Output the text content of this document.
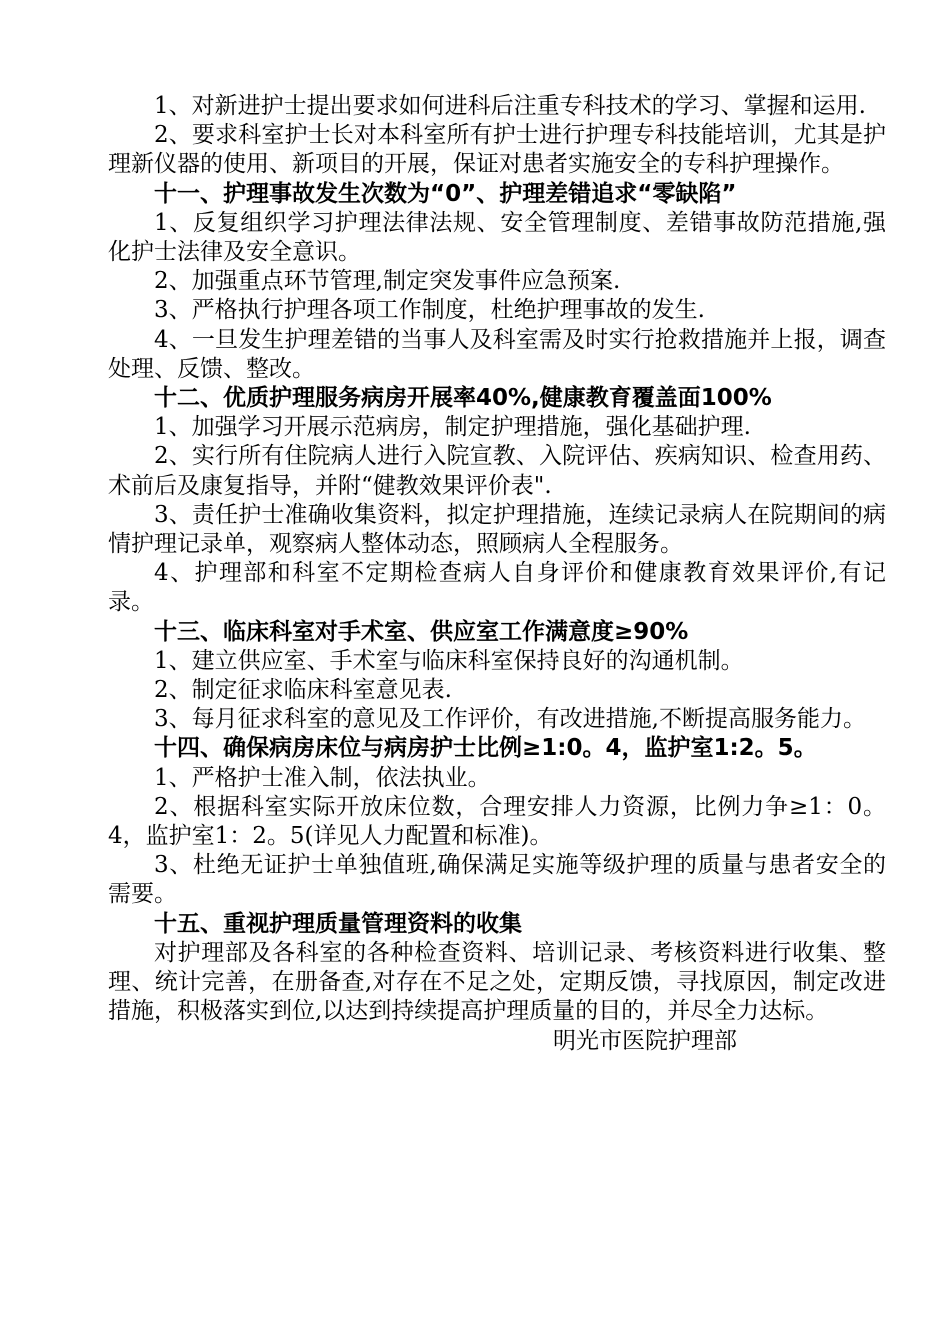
1、对新进护士提出要求如何进科后注重专科技术的学习、掌握和运用.

2、要求科室护士长对本科室所有护士进行护理专科技能培训，尤其是护理新仪器的使用、新项目的开展，保证对患者实施安全的专科护理操作。

十一、护理事故发生次数为“0”、护理差错追求“零缺陷”

1、反复组织学习护理法律法规、安全管理制度、差错事故防范措施,强化护士法律及安全意识。

2、加强重点环节管理,制定突发事件应急预案.

3、严格执行护理各项工作制度，杜绝护理事故的发生.

4、一旦发生护理差错的当事人及科室需及时实行抢救措施并上报，调查处理、反馈、整改。

十二、优质护理服务病房开展率40%,健康教育覆盖面100%

1、加强学习开展示范病房，制定护理措施，强化基础护理.

2、实行所有住院病人进行入院宣教、入院评估、疾病知识、检查用药、术前后及康复指导，并附“健教效果评价表".

3、责任护士准确收集资料，拟定护理措施，连续记录病人在院期间的病情护理记录单，观察病人整体动态，照顾病人全程服务。

4、护理部和科室不定期检查病人自身评价和健康教育效果评价,有记录。

十三、临床科室对手术室、供应室工作满意度≥90%

1、建立供应室、手术室与临床科室保持良好的沟通机制。

2、制定征求临床科室意见表.

3、每月征求科室的意见及工作评价，有改进措施,不断提高服务能力。

十四、确保病房床位与病房护士比例≥1:0。4，监护室1:2。5。

1、严格护士准入制，依法执业。

2、根据科室实际开放床位数，合理安排人力资源，比例力争≥1：0。4，监护室1：2。5(详见人力配置和标准)。

3、杜绝无证护士单独值班,确保满足实施等级护理的质量与患者安全的需要。

十五、重视护理质量管理资料的收集

对护理部及各科室的各种检查资料、培训记录、考核资料进行收集、整理、统计完善，在册备查,对存在不足之处，定期反馈，寻找原因，制定改进措施，积极落实到位,以达到持续提高护理质量的目的，并尽全力达标。

明光市医院护理部
